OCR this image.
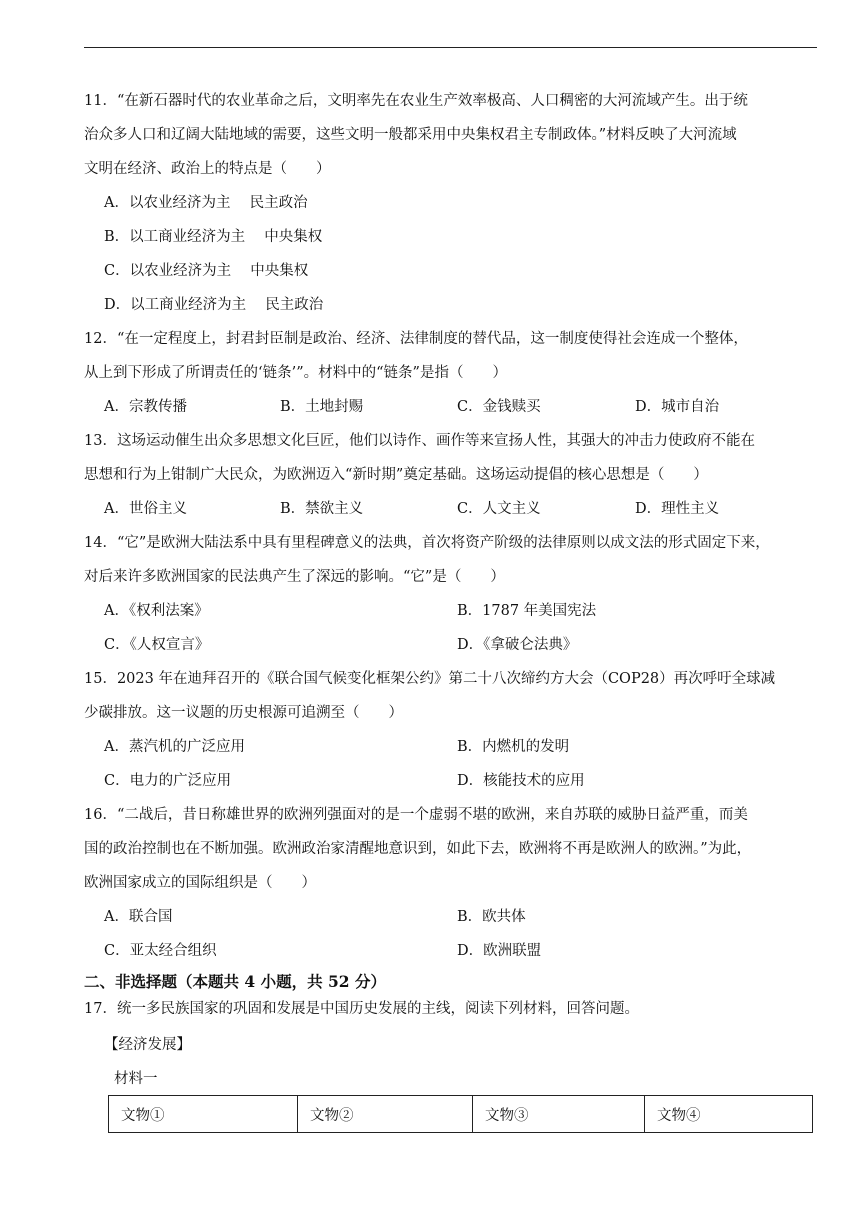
11．“在新石器时代的农业革命之后，文明率先在农业生产效率极高、人口稠密的大河流域产生。出于统
治众多人口和辽阔大陆地域的需要，这些文明一般都采用中央集权君主专制政体。”材料反映了大河流域
文明在经济、政治上的特点是（　　）
A．以农业经济为主　 民主政治
B．以工商业经济为主　 中央集权
C．以农业经济为主　 中央集权
D．以工商业经济为主　 民主政治
12．“在一定程度上，封君封臣制是政治、经济、法律制度的替代品，这一制度使得社会连成一个整体，
从上到下形成了所谓责任的‘链条’”。材料中的“链条”是指（　　）
A．宗教传播	B．土地封赐	C．金钱赎买	D．城市自治
13．这场运动催生出众多思想文化巨匠，他们以诗作、画作等来宣扬人性，其强大的冲击力使政府不能在
思想和行为上钳制广大民众，为欧洲迈入“新时期”奠定基础。这场运动提倡的核心思想是（　　）
A．世俗主义	B．禁欲主义	C．人文主义	D．理性主义
14．“它”是欧洲大陆法系中具有里程碑意义的法典，首次将资产阶级的法律原则以成文法的形式固定下来，
对后来许多欧洲国家的民法典产生了深远的影响。“它”是（　　）
A．《权利法案》	B．1787 年美国宪法
C．《人权宣言》	D．《拿破仑法典》
15．2023 年在迪拜召开的《联合国气候变化框架公约》第二十八次缔约方大会（COP28）再次呼吁全球减
少碳排放。这一议题的历史根源可追溯至（　　）
A．蒸汽机的广泛应用	B．内燃机的发明
C．电力的广泛应用	D．核能技术的应用
16．“二战后，昔日称雄世界的欧洲列强面对的是一个虚弱不堪的欧洲，来自苏联的威胁日益严重，而美
国的政治控制也在不断加强。欧洲政治家清醒地意识到，如此下去，欧洲将不再是欧洲人的欧洲。”为此，
欧洲国家成立的国际组织是（　　）
A．联合国	B．欧共体
C．亚太经合组织	D．欧洲联盟
二、非选择题（本题共 4 小题，共 52 分）
17．统一多民族国家的巩固和发展是中国历史发展的主线，阅读下列材料，回答问题。
【经济发展】
材料一
文物①	文物②	文物③	文物④
